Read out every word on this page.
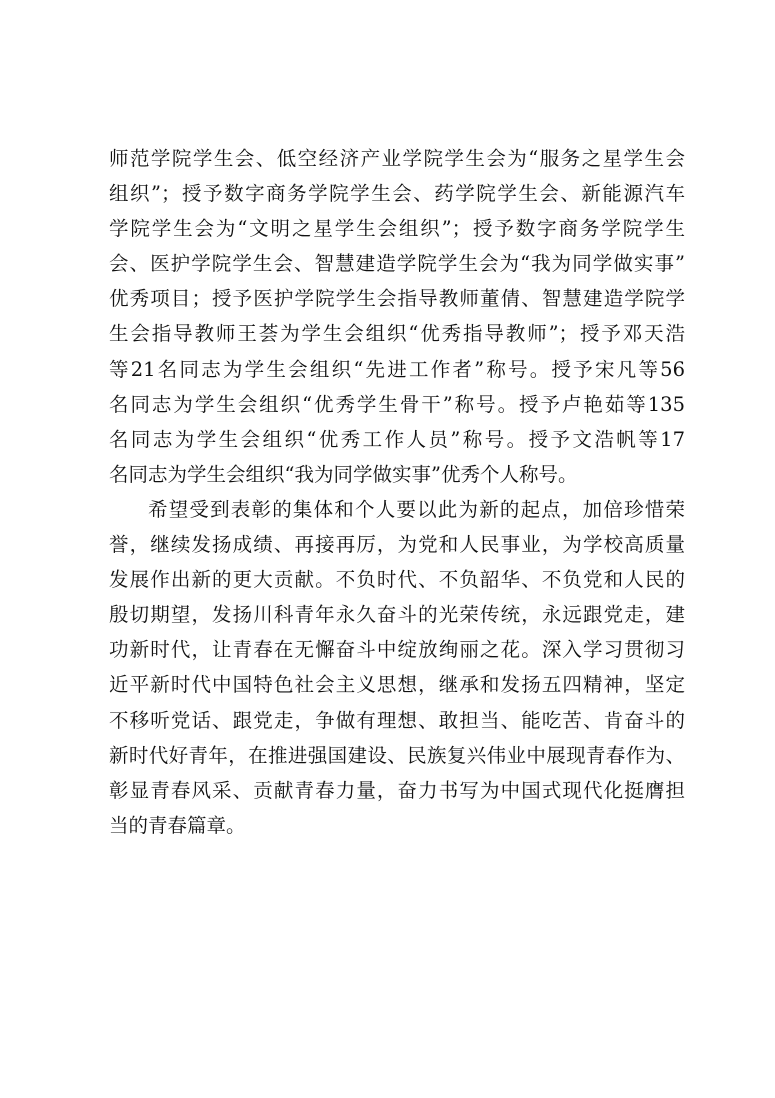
师范学院学生会、低空经济产业学院学生会为“服务之星学生会
组织”；授予数字商务学院学生会、药学院学生会、新能源汽车
学院学生会为“文明之星学生会组织”；授予数字商务学院学生
会、医护学院学生会、智慧建造学院学生会为“我为同学做实事”
优秀项目；授予医护学院学生会指导教师董倩、智慧建造学院学
生会指导教师王荟为学生会组织“优秀指导教师”；授予邓天浩
等21名同志为学生会组织“先进工作者”称号。授予宋凡等56
名同志为学生会组织“优秀学生骨干”称号。授予卢艳茹等135
名同志为学生会组织“优秀工作人员”称号。授予文浩帆等17
名同志为学生会组织“我为同学做实事”优秀个人称号。
希望受到表彰的集体和个人要以此为新的起点，加倍珍惜荣
誉，继续发扬成绩、再接再厉，为党和人民事业，为学校高质量
发展作出新的更大贡献。不负时代、不负韶华、不负党和人民的
殷切期望，发扬川科青年永久奋斗的光荣传统，永远跟党走，建
功新时代，让青春在无懈奋斗中绽放绚丽之花。深入学习贯彻习
近平新时代中国特色社会主义思想，继承和发扬五四精神，坚定
不移听党话、跟党走，争做有理想、敢担当、能吃苦、肯奋斗的
新时代好青年，在推进强国建设、民族复兴伟业中展现青春作为、
彰显青春风采、贡献青春力量，奋力书写为中国式现代化挺膺担
当的青春篇章。
